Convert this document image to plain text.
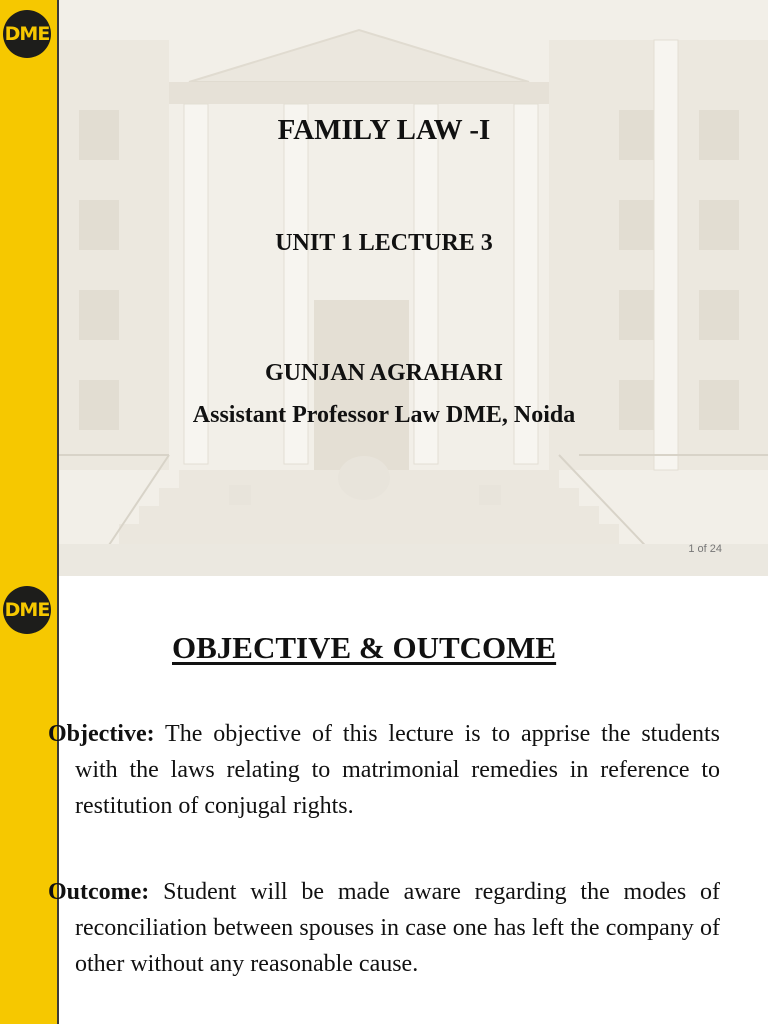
DME
FAMILY LAW -I
UNIT 1 LECTURE 3
GUNJAN AGRAHARI
Assistant Professor Law DME, Noida
1 of 24
DME
OBJECTIVE & OUTCOME
Objective: The objective of this lecture is to apprise the students with the laws relating to matrimonial remedies in reference to restitution of conjugal rights.
Outcome: Student will be made aware regarding the modes of reconciliation between spouses in case one has left the company of other without any reasonable cause.
